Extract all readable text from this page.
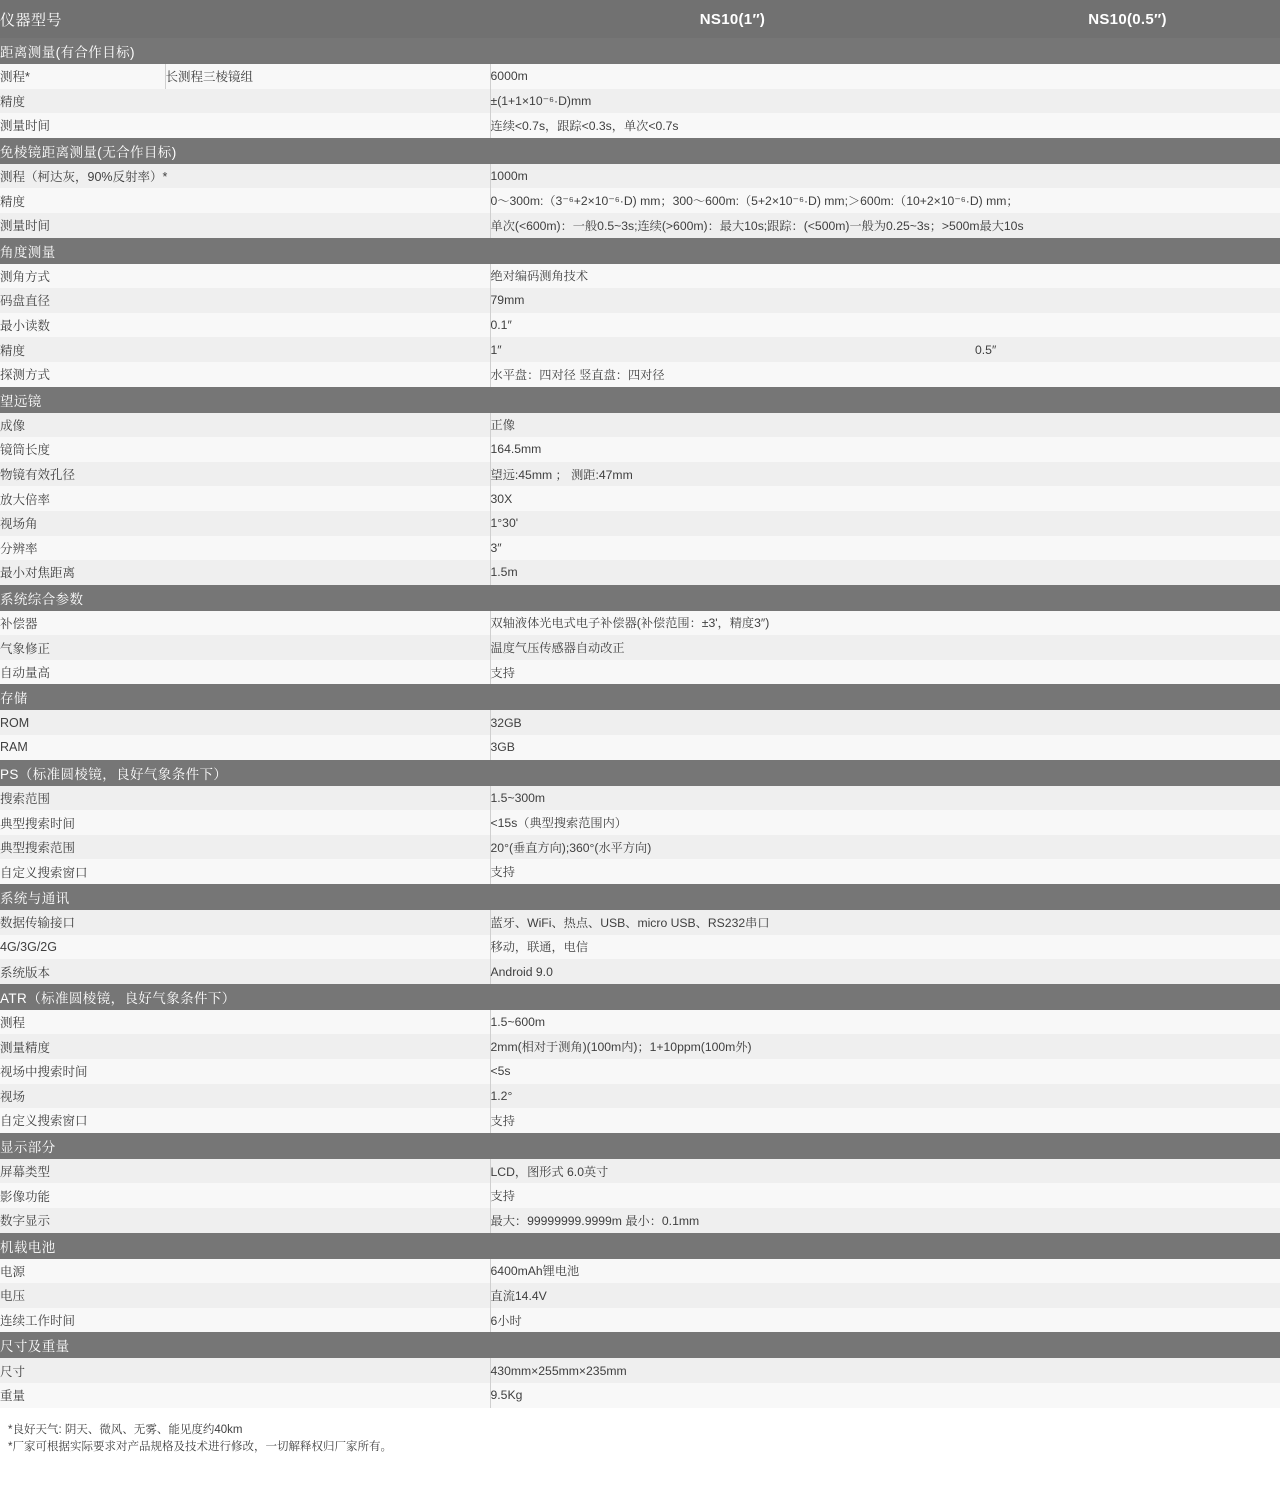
仪器型号		NS10(1″)	NS10(0.5″)
距离测量(有合作目标)			
测程*	长测程三棱镜组	6000m	
精度		±(1+1×10⁻⁶·D)mm	
测量时间		连续<0.7s，跟踪<0.3s，单次<0.7s	
免棱镜距离测量(无合作目标)			
测程（柯达灰，90%反射率）*		1000m	
精度		0～300m:（3⁻⁶+2×10⁻⁶·D) mm；300～600m:（5+2×10⁻⁶·D) mm;＞600m:（10+2×10⁻⁶·D) mm；	
测量时间		单次(<600m)：一般0.5~3s;连续(>600m)：最大10s;跟踪：(<500m)一般为0.25~3s；>500m最大10s	
角度测量			
测角方式		绝对编码测角技术	
码盘直径		79mm	
最小读数		0.1″	
精度		1″	0.5″
探测方式		水平盘：四对径 竖直盘：四对径	
望远镜			
成像		正像	
镜筒长度		164.5mm	
物镜有效孔径		望远:45mm ； 测距:47mm	
放大倍率		30X	
视场角		1°30'	
分辨率		3″	
最小对焦距离		1.5m	
系统综合参数			
补偿器		双轴液体光电式电子补偿器(补偿范围：±3'，精度3″)	
气象修正		温度气压传感器自动改正	
自动量高		支持	
存储			
ROM		32GB	
RAM		3GB	
PS（标准圆棱镜，良好气象条件下）			
搜索范围		1.5~300m	
典型搜索时间		<15s（典型搜索范围内）	
典型搜索范围		20°(垂直方向);360°(水平方向)	
自定义搜索窗口		支持	
系统与通讯			
数据传输接口		蓝牙、WiFi、热点、USB、micro USB、RS232串口	
4G/3G/2G		移动，联通，电信	
系统版本		Android 9.0	
ATR（标准圆棱镜，良好气象条件下）			
测程		1.5~600m	
测量精度		2mm(相对于测角)(100m内)；1+10ppm(100m外)	
视场中搜索时间		<5s	
视场		1.2°	
自定义搜索窗口		支持	
显示部分			
屏幕类型		LCD，图形式 6.0英寸	
影像功能		支持	
数字显示		最大：99999999.9999m 最小：0.1mm	
机载电池			
电源		6400mAh锂电池	
电压		直流14.4V	
连续工作时间		6小时	
尺寸及重量			
尺寸		430mm×255mm×235mm	
重量		9.5Kg	
*良好天气: 阴天、微风、无雾、能见度约40km
*厂家可根据实际要求对产品规格及技术进行修改，一切解释权归厂家所有。
